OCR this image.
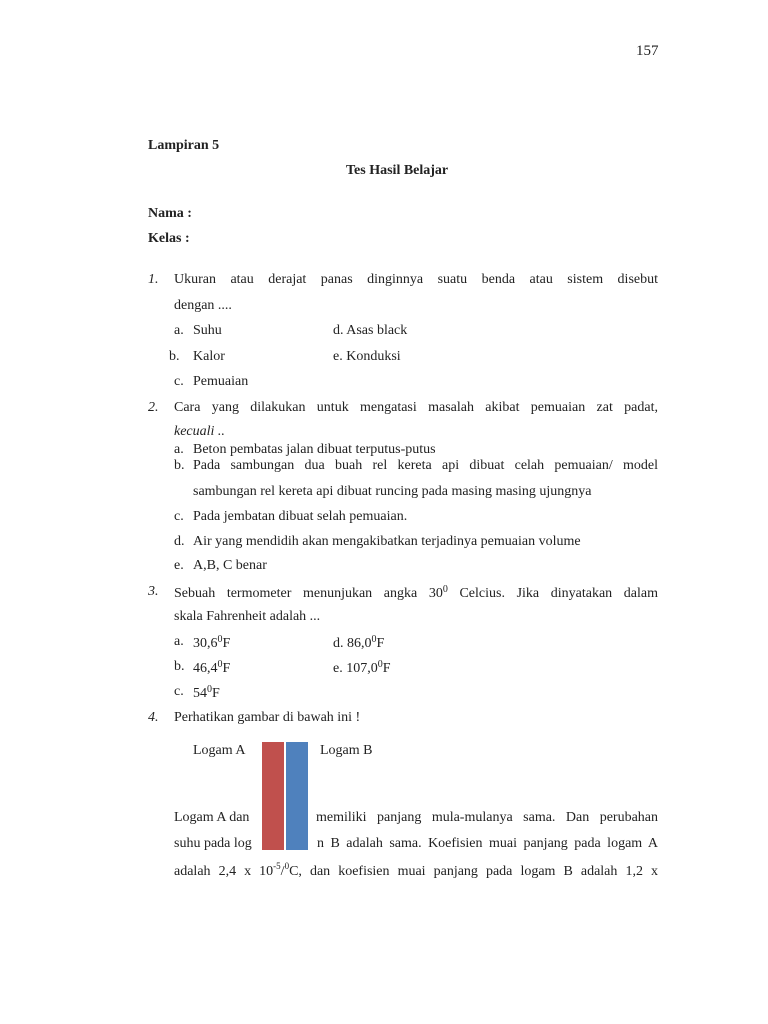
157
Lampiran 5
Tes Hasil Belajar
Nama :
Kelas :
1. Ukuran atau derajat panas dinginnya suatu benda atau sistem disebut
dengan ....
a. Suhu	d. Asas black
b. Kalor	e. Konduksi
c. Pemuaian
2. Cara yang dilakukan untuk mengatasi masalah akibat pemuaian zat padat,
kecuali ..
a. Beton pembatas jalan dibuat terputus-putus
b. Pada sambungan dua buah rel kereta api dibuat celah pemuaian/ model
sambungan rel kereta api dibuat runcing pada masing masing ujungnya
c. Pada jembatan dibuat selah pemuaian.
d. Air yang mendidih akan mengakibatkan terjadinya pemuaian volume
e. A,B, C benar
3. Sebuah termometer menunjukan angka $30^0$ Celcius. Jika dinyatakan dalam
skala Fahrenheit adalah ...
a. 30,6$^0$F	d. 86,0$^0$F
b. 46,4$^0$F	e. 107,0$^0$F
c. $54^0F$
4. Perhatikan gambar di bawah ini !
Logam A	Logam B
Logam A dan	memiliki panjang mula-mulanya sama. Dan perubahan
suhu pada log	n B adalah sama. Koefisien muai panjang pada logam A
adalah 2,4 x $10^{-5}/^0C$, dan koefisien muai panjang pada logam B adalah 1,2 x
